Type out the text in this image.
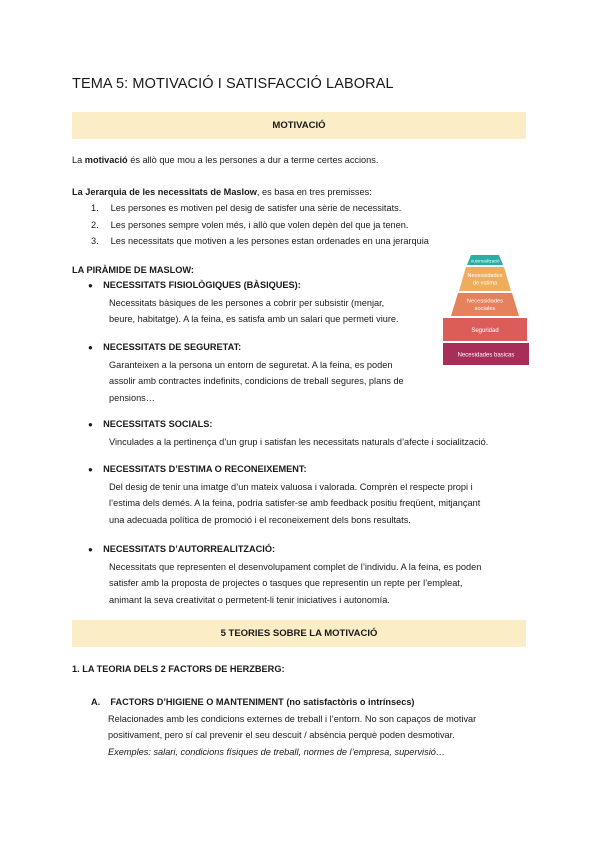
TEMA 5: MOTIVACIÓ I SATISFACCIÓ LABORAL
MOTIVACIÓ
La motivació és allò que mou a les persones a dur a terme certes accions.
La Jerarquia de les necessitats de Maslow, es basa en tres premisses:
1. Les persones es motiven pel desig de satisfer una sèrie de necessitats.
2. Les persones sempre volen més, i allò que volen depèn del que ja tenen.
3. Les necessitats que motiven a les persones estan ordenades en una jerarquia
LA PIRÀMIDE DE MASLOW:
● NECESSITATS FISIOLÒGIQUES (BÀSIQUES):
Necessitats bàsiques de les persones a cobrir per subsistir (menjar,
beure, habitatge). A la feina, es satisfa amb un salari que permeti viure.
● NECESSITATS DE SEGURETAT:
Garanteixen a la persona un entorn de seguretat. A la feina, es poden
assolir amb contractes indefinits, condicions de treball segures, plans de
pensions…
● NECESSITATS SOCIALS:
Vinculades a la pertinença d’un grup i satisfan les necessitats naturals d’afecte i socialització.
● NECESSITATS D’ESTIMA O RECONEIXEMENT:
Del desig de tenir una imatge d’un mateix valuosa i valorada. Comprèn el respecte propi i
l’estima dels demés. A la feina, podria satisfer-se amb feedback positiu freqüent, mitjançant
una adecuada política de promoció i el reconeixement dels bons resultats.
● NECESSITATS D’AUTORREALITZACIÓ:
Necessitats que representen el desenvolupament complet de l’individu. A la feina, es poden
satisfer amb la proposta de projectes o tasques que representin un repte per l’empleat,
animant la seva creativitat o permetent-li tenir iniciatives i autonomía.
Autorrealització
Necessidades
de estima
Necessidades
sociales
Seguridad
Necesidades basicas
5 TEORIES SOBRE LA MOTIVACIÓ
1. LA TEORIA DELS 2 FACTORS DE HERZBERG:
A. FACTORS D’HIGIENE O MANTENIMENT (no satisfactòris o intrínsecs)
Relacionades amb les condicions externes de treball i l’entorn. No son capaços de motivar
positivament, pero sí cal prevenir el seu descuit / absència perquè poden desmotivar.
Exemples: salari, condicions físiques de treball, normes de l’empresa, supervisió…
